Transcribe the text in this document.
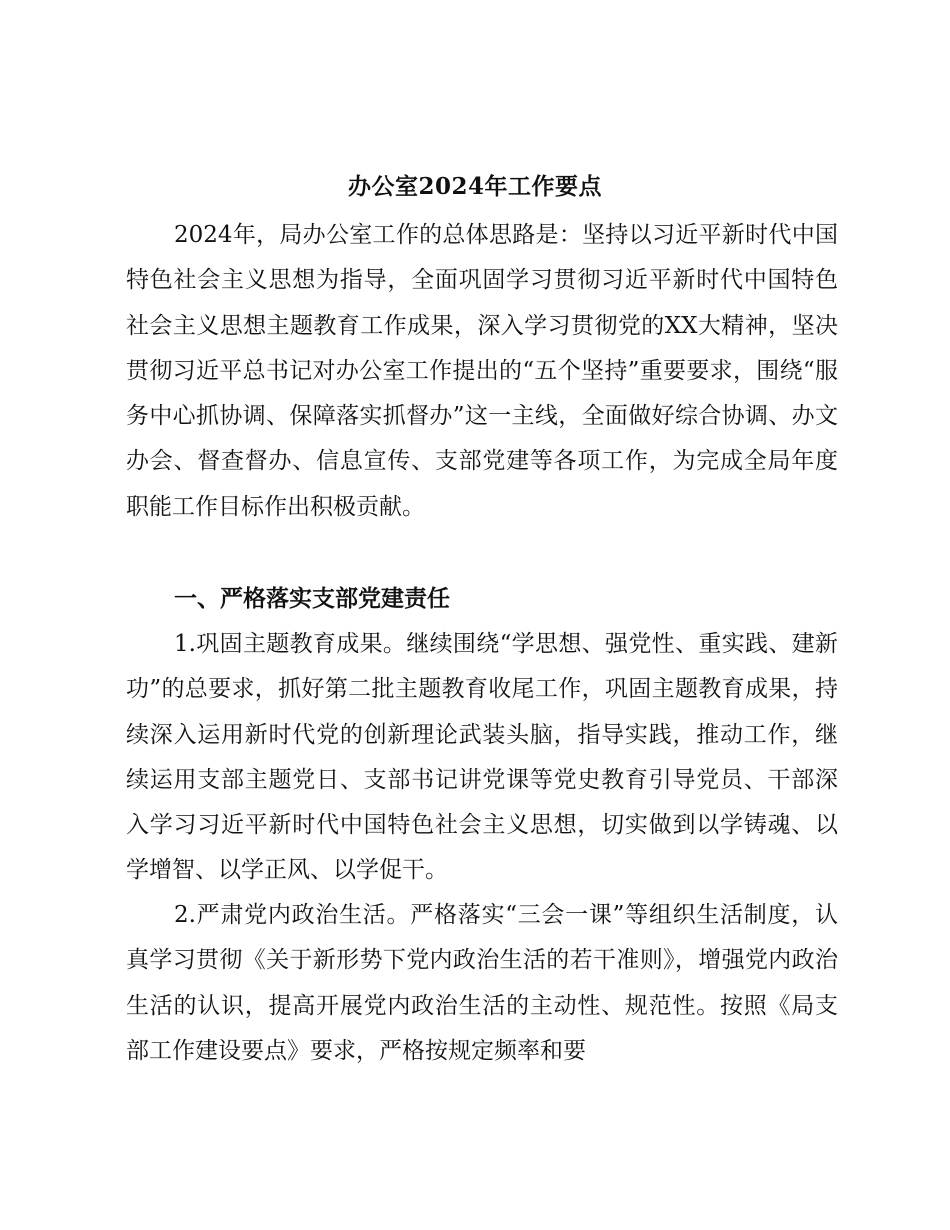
办公室2024年工作要点

2024年，局办公室工作的总体思路是：坚持以习近平新时代中国特色社会主义思想为指导，全面巩固学习贯彻习近平新时代中国特色社会主义思想主题教育工作成果，深入学习贯彻党的XX大精神，坚决贯彻习近平总书记对办公室工作提出的“五个坚持”重要要求，围绕“服务中心抓协调、保障落实抓督办”这一主线，全面做好综合协调、办文办会、督查督办、信息宣传、支部党建等各项工作，为完成全局年度职能工作目标作出积极贡献。

一、严格落实支部党建责任

1.巩固主题教育成果。继续围绕“学思想、强党性、重实践、建新功”的总要求，抓好第二批主题教育收尾工作，巩固主题教育成果，持续深入运用新时代党的创新理论武装头脑，指导实践，推动工作，继续运用支部主题党日、支部书记讲党课等党史教育引导党员、干部深入学习习近平新时代中国特色社会主义思想，切实做到以学铸魂、以学增智、以学正风、以学促干。

2.严肃党内政治生活。严格落实“三会一课”等组织生活制度，认真学习贯彻《关于新形势下党内政治生活的若干准则》，增强党内政治生活的认识，提高开展党内政治生活的主动性、规范性。按照《局支部工作建设要点》要求，严格按规定频率和要
